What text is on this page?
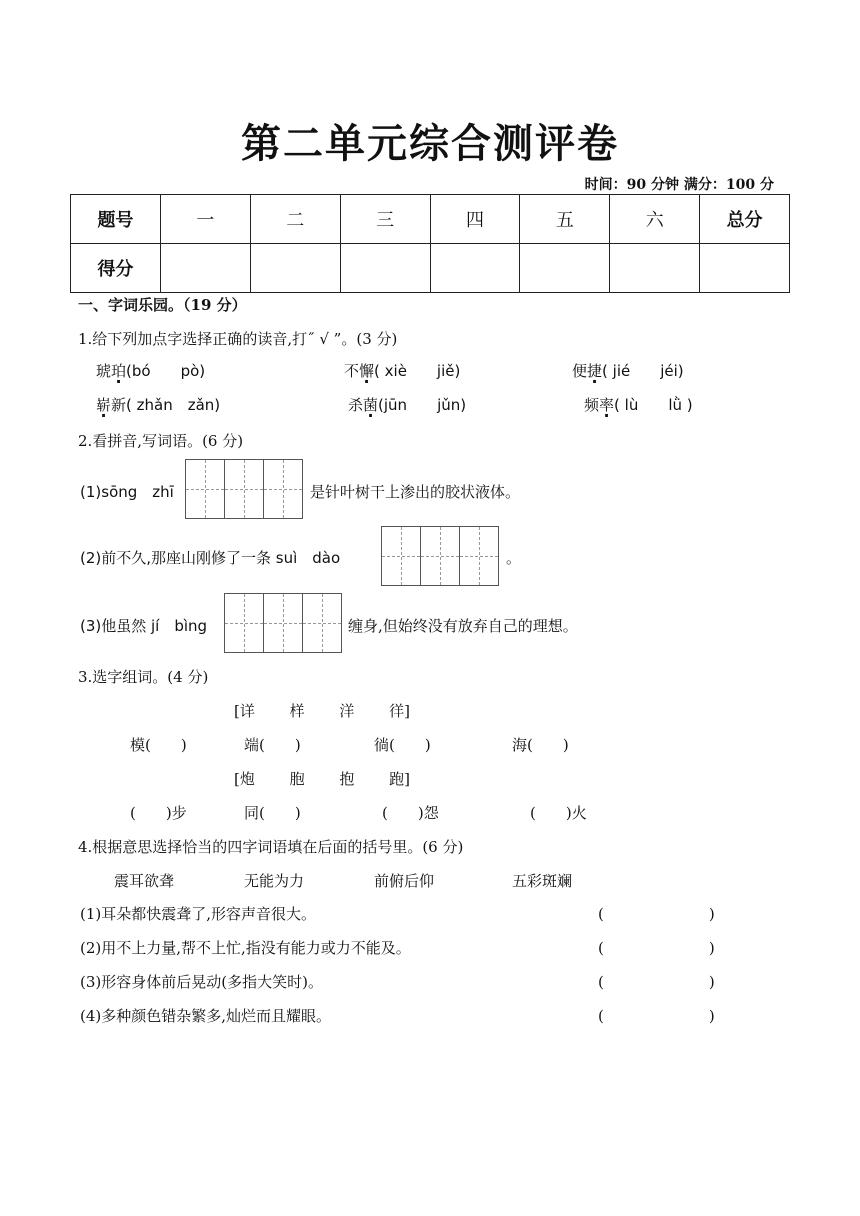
第二单元综合测评卷
时间：90 分钟 满分：100 分
题号	一	二	三	四	五	六	总分
得分							
一、字词乐园。（19 分）
1.给下列加点字选择正确的读音,打˝ √ ”。(3 分)
琥珀(bó　　pò)	不懈( xiè　　jiě)	便捷( jié　　jéi)
崭新( zhǎn　zǎn)	杀菌(jūn　　jǔn)	频率( lù　　lǜ )
2.看拼音,写词语。(6 分)
(1)sōng　zhī	是针叶树干上渗出的胶状液体。
(2)前不久,那座山刚修了一条 suì　dào	。
(3)他虽然 jí　bìng	缠身,但始终没有放弃自己的理想。
3.选字组词。(4 分)
[详　　 样　　 洋　　 徉]
模(　　)	端(　　)	徜(　　)	海(　　)
[炮　　 胞　　 抱　　 跑]
(　　)步	同(　　)	(　　)怨	(　　)火
4.根据意思选择恰当的四字词语填在后面的括号里。(6 分)
震耳欲聋	无能为力	前俯后仰	五彩斑斓
(1)耳朵都快震聋了,形容声音很大。	(　　　　　　　)
(2)用不上力量,帮不上忙,指没有能力或力不能及。	(　　　　　　　)
(3)形容身体前后晃动(多指大笑时)。	(　　　　　　　)
(4)多种颜色错杂繁多,灿烂而且耀眼。	(　　　　　　　)
